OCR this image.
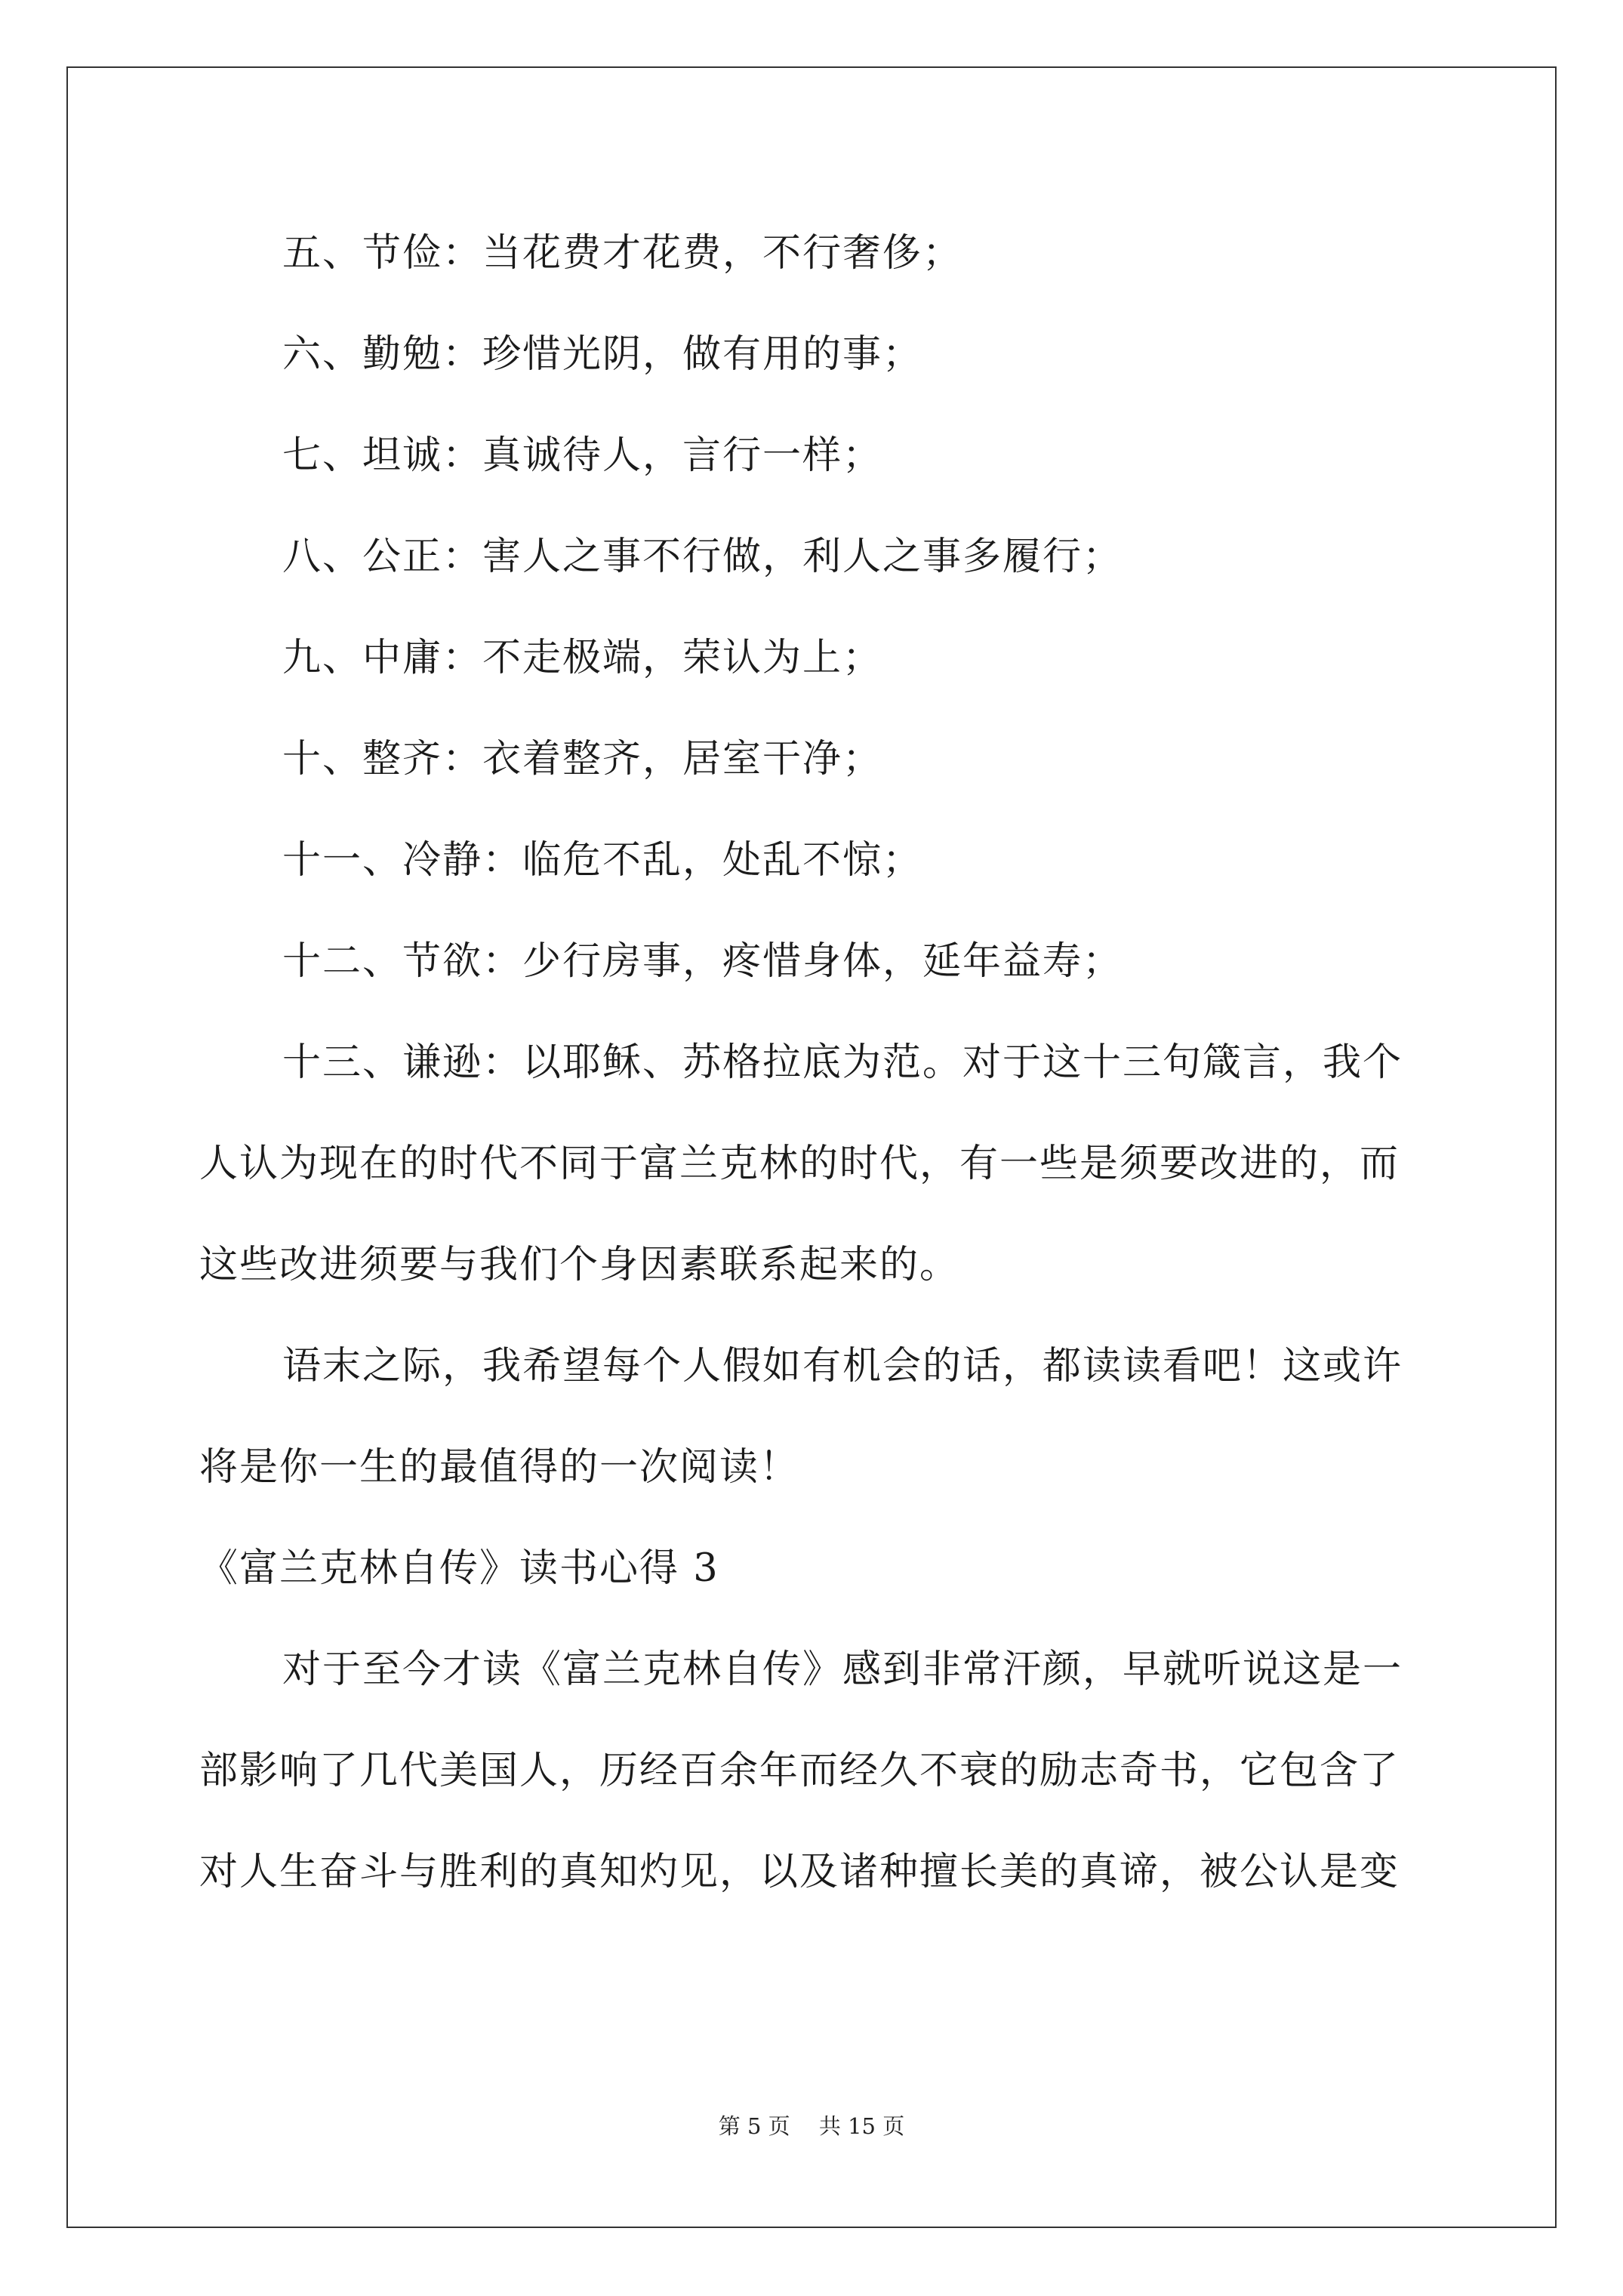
五、节俭：当花费才花费，不行奢侈；
六、勤勉：珍惜光阴，做有用的事；
七、坦诚：真诚待人，言行一样；
八、公正：害人之事不行做，利人之事多履行；
九、中庸：不走极端，荣认为上；
十、整齐：衣着整齐，居室干净；
十一、冷静：临危不乱，处乱不惊；
十二、节欲：少行房事，疼惜身体，延年益寿；
十三、谦逊：以耶稣、苏格拉底为范。对于这十三句箴言，我个
人认为现在的时代不同于富兰克林的时代，有一些是须要改进的，而
这些改进须要与我们个身因素联系起来的。
语末之际，我希望每个人假如有机会的话，都读读看吧！这或许
将是你一生的最值得的一次阅读！
《富兰克林自传》读书心得 3
对于至今才读《富兰克林自传》感到非常汗颜，早就听说这是一
部影响了几代美国人，历经百余年而经久不衰的励志奇书，它包含了
对人生奋斗与胜利的真知灼见，以及诸种擅长美的真谛，被公认是变
第 5 页　 共 15 页
